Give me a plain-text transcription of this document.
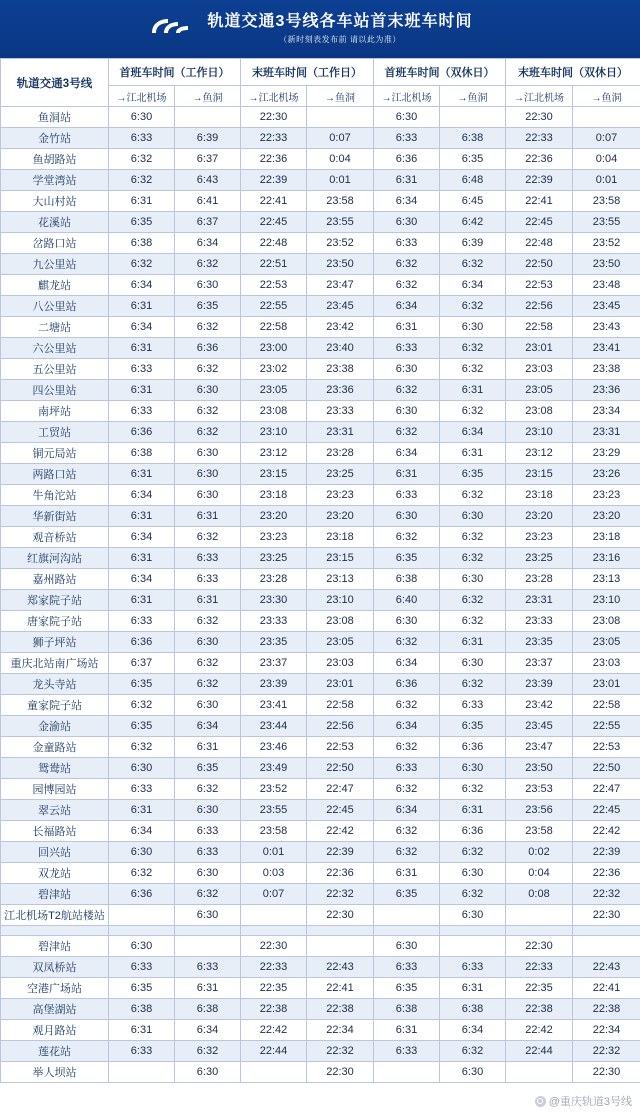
轨道交通3号线各车站首末班车时间
（新时刻表发布前 请以此为准）
轨道交通3号线	首班车时间（工作日）		末班车时间（工作日）		首班车时间（双休日）		末班车时间（双休日）	
	→江北机场	→鱼洞	→江北机场	→鱼洞	→江北机场	→鱼洞	→江北机场	→鱼洞
鱼洞站	6:30		22:30		6:30		22:30	
金竹站	6:33	6:39	22:33	0:07	6:33	6:38	22:33	0:07
鱼胡路站	6:32	6:37	22:36	0:04	6:36	6:35	22:36	0:04
学堂湾站	6:32	6:43	22:39	0:01	6:31	6:48	22:39	0:01
大山村站	6:31	6:41	22:41	23:58	6:34	6:45	22:41	23:58
花溪站	6:35	6:37	22:45	23:55	6:30	6:42	22:45	23:55
岔路口站	6:38	6:34	22:48	23:52	6:33	6:39	22:48	23:52
九公里站	6:32	6:32	22:51	23:50	6:32	6:32	22:50	23:50
麒龙站	6:34	6:30	22:53	23:47	6:32	6:34	22:53	23:48
八公里站	6:31	6:35	22:55	23:45	6:34	6:32	22:56	23:45
二塘站	6:34	6:32	22:58	23:42	6:31	6:30	22:58	23:43
六公里站	6:31	6:36	23:00	23:40	6:33	6:32	23:01	23:41
五公里站	6:33	6:32	23:02	23:38	6:30	6:32	23:03	23:38
四公里站	6:31	6:30	23:05	23:36	6:32	6:31	23:05	23:36
南坪站	6:33	6:32	23:08	23:33	6:30	6:32	23:08	23:34
工贸站	6:36	6:32	23:10	23:31	6:32	6:34	23:10	23:31
铜元局站	6:38	6:30	23:12	23:28	6:34	6:31	23:12	23:29
两路口站	6:31	6:30	23:15	23:25	6:31	6:35	23:15	23:26
牛角沱站	6:34	6:30	23:18	23:23	6:33	6:32	23:18	23:23
华新街站	6:31	6:31	23:20	23:20	6:30	6:30	23:20	23:20
观音桥站	6:34	6:32	23:23	23:18	6:32	6:32	23:23	23:18
红旗河沟站	6:31	6:33	23:25	23:15	6:35	6:32	23:25	23:16
嘉州路站	6:34	6:33	23:28	23:13	6:38	6:30	23:28	23:13
郑家院子站	6:31	6:31	23:30	23:10	6:40	6:32	23:31	23:10
唐家院子站	6:33	6:32	23:33	23:08	6:30	6:32	23:33	23:08
狮子坪站	6:36	6:30	23:35	23:05	6:32	6:31	23:35	23:05
重庆北站南广场站	6:37	6:32	23:37	23:03	6:34	6:30	23:37	23:03
龙头寺站	6:35	6:32	23:39	23:01	6:36	6:32	23:39	23:01
童家院子站	6:32	6:30	23:41	22:58	6:32	6:33	23:42	22:58
金渝站	6:35	6:34	23:44	22:56	6:34	6:35	23:45	22:55
金童路站	6:32	6:31	23:46	22:53	6:32	6:36	23:47	22:53
鸳鸯站	6:30	6:35	23:49	22:50	6:33	6:30	23:50	22:50
园博园站	6:33	6:32	23:52	22:47	6:32	6:32	23:53	22:47
翠云站	6:31	6:30	23:55	22:45	6:34	6:31	23:56	22:45
长福路站	6:34	6:33	23:58	22:42	6:32	6:36	23:58	22:42
回兴站	6:30	6:33	0:01	22:39	6:32	6:32	0:02	22:39
双龙站	6:32	6:30	0:03	22:36	6:31	6:30	0:04	22:36
碧津站	6:36	6:32	0:07	22:32	6:35	6:32	0:08	22:32
江北机场T2航站楼站		6:30		22:30		6:30		22:30

碧津站	6:30		22:30		6:30		22:30	
双凤桥站	6:33	6:33	22:33	22:43	6:33	6:33	22:33	22:43
空港广场站	6:35	6:31	22:35	22:41	6:35	6:31	22:35	22:41
高堡湖站	6:38	6:38	22:38	22:38	6:38	6:38	22:38	22:38
观月路站	6:31	6:34	22:42	22:34	6:31	6:34	22:42	22:34
莲花站	6:33	6:32	22:44	22:32	6:33	6:32	22:44	22:32
举人坝站		6:30		22:30		6:30		22:30
@重庆轨道3号线
